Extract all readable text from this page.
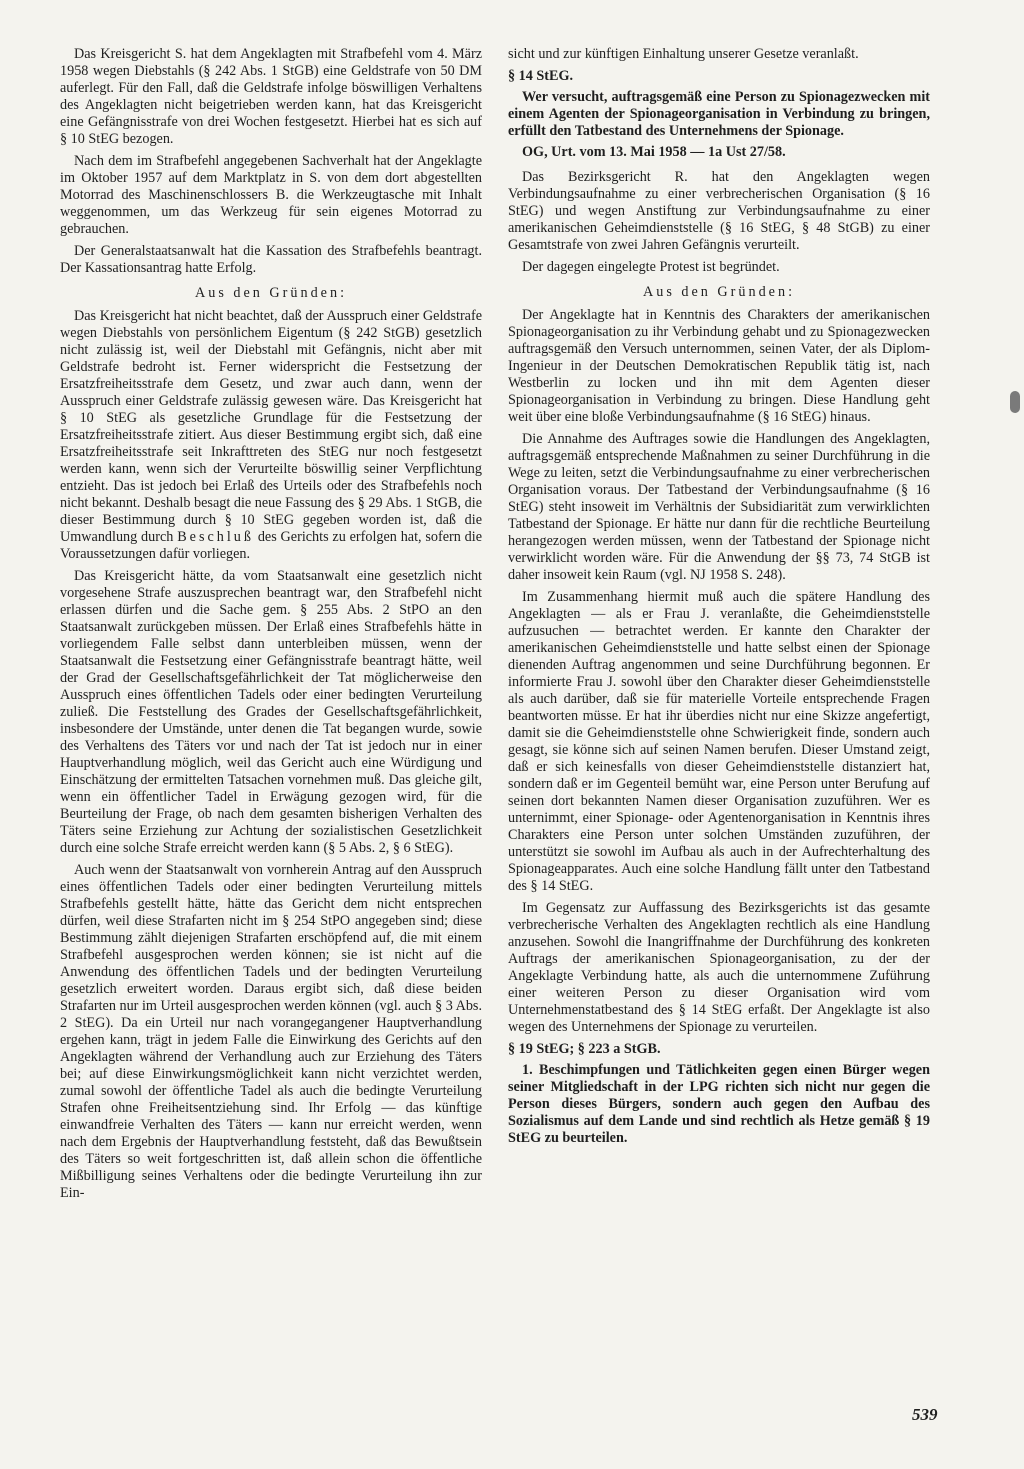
Das Kreisgericht S. hat dem Angeklagten mit Strafbefehl vom 4. März 1958 wegen Diebstahls (§ 242 Abs. 1 StGB) eine Geldstrafe von 50 DM auferlegt. Für den Fall, daß die Geldstrafe infolge böswilligen Verhaltens des Angeklagten nicht beigetrieben werden kann, hat das Kreisgericht eine Gefängnisstrafe von drei Wochen festgesetzt. Hierbei hat es sich auf § 10 StEG bezogen.

Nach dem im Strafbefehl angegebenen Sachverhalt hat der Angeklagte im Oktober 1957 auf dem Marktplatz in S. von dem dort abgestellten Motorrad des Maschinenschlossers B. die Werkzeugtasche mit Inhalt weggenommen, um das Werkzeug für sein eigenes Motorrad zu gebrauchen.

Der Generalstaatsanwalt hat die Kassation des Strafbefehls beantragt. Der Kassationsantrag hatte Erfolg.

Aus den Gründen:

Das Kreisgericht hat nicht beachtet, daß der Ausspruch einer Geldstrafe wegen Diebstahls von persönlichem Eigentum (§ 242 StGB) gesetzlich nicht zulässig ist, weil der Diebstahl mit Gefängnis, nicht aber mit Geldstrafe bedroht ist. Ferner widerspricht die Festsetzung der Ersatzfreiheitsstrafe dem Gesetz, und zwar auch dann, wenn der Ausspruch einer Geldstrafe zulässig gewesen wäre. Das Kreisgericht hat § 10 StEG als gesetzliche Grundlage für die Festsetzung der Ersatzfreiheitsstrafe zitiert. Aus dieser Bestimmung ergibt sich, daß eine Ersatzfreiheitsstrafe seit Inkrafttreten des StEG nur noch festgesetzt werden kann, wenn sich der Verurteilte böswillig seiner Verpflichtung entzieht. Das ist jedoch bei Erlaß des Urteils oder des Strafbefehls noch nicht bekannt. Deshalb besagt die neue Fassung des § 29 Abs. 1 StGB, die dieser Bestimmung durch § 10 StEG gegeben worden ist, daß die Umwandlung durch Beschluß des Gerichts zu erfolgen hat, sofern die Voraussetzungen dafür vorliegen.

Das Kreisgericht hätte, da vom Staatsanwalt eine gesetzlich nicht vorgesehene Strafe auszusprechen beantragt war, den Strafbefehl nicht erlassen dürfen und die Sache gem. § 255 Abs. 2 StPO an den Staatsanwalt zurückgeben müssen. Der Erlaß eines Strafbefehls hätte in vorliegendem Falle selbst dann unterbleiben müssen, wenn der Staatsanwalt die Festsetzung einer Gefängnisstrafe beantragt hätte, weil der Grad der Gesellschaftsgefährlichkeit der Tat möglicherweise den Ausspruch eines öffentlichen Tadels oder einer bedingten Verurteilung zuließ. Die Feststellung des Grades der Gesellschaftsgefährlichkeit, insbesondere der Umstände, unter denen die Tat begangen wurde, sowie des Verhaltens des Täters vor und nach der Tat ist jedoch nur in einer Hauptverhandlung möglich, weil das Gericht auch eine Würdigung und Einschätzung der ermittelten Tatsachen vornehmen muß. Das gleiche gilt, wenn ein öffentlicher Tadel in Erwägung gezogen wird, für die Beurteilung der Frage, ob nach dem gesamten bisherigen Verhalten des Täters seine Erziehung zur Achtung der sozialistischen Gesetzlichkeit durch eine solche Strafe erreicht werden kann (§ 5 Abs. 2, § 6 StEG).

Auch wenn der Staatsanwalt von vornherein Antrag auf den Ausspruch eines öffentlichen Tadels oder einer bedingten Verurteilung mittels Strafbefehls gestellt hätte, hätte das Gericht dem nicht entsprechen dürfen, weil diese Strafarten nicht im § 254 StPO angegeben sind; diese Bestimmung zählt diejenigen Strafarten erschöpfend auf, die mit einem Strafbefehl ausgesprochen werden können; sie ist nicht auf die Anwendung des öffentlichen Tadels und der bedingten Verurteilung gesetzlich erweitert worden. Daraus ergibt sich, daß diese beiden Strafarten nur im Urteil ausgesprochen werden können (vgl. auch § 3 Abs. 2 StEG). Da ein Urteil nur nach vorangegangener Hauptverhandlung ergehen kann, trägt in jedem Falle die Einwirkung des Gerichts auf den Angeklagten während der Verhandlung auch zur Erziehung des Täters bei; auf diese Einwirkungsmöglichkeit kann nicht verzichtet werden, zumal sowohl der öffentliche Tadel als auch die bedingte Verurteilung Strafen ohne Freiheitsentziehung sind. Ihr Erfolg — das künftige einwandfreie Verhalten des Täters — kann nur erreicht werden, wenn nach dem Ergebnis der Hauptverhandlung feststeht, daß das Bewußtsein des Täters so weit fortgeschritten ist, daß allein schon die öffentliche Mißbilligung seines Verhaltens oder die bedingte Verurteilung ihn zur Ein-

sicht und zur künftigen Einhaltung unserer Gesetze veranlaßt.

§ 14 StEG.

Wer versucht, auftragsgemäß eine Person zu Spionagezwecken mit einem Agenten der Spionageorganisation in Verbindung zu bringen, erfüllt den Tatbestand des Unternehmens der Spionage.

OG, Urt. vom 13. Mai 1958 — 1a Ust 27/58.

Das Bezirksgericht R. hat den Angeklagten wegen Verbindungsaufnahme zu einer verbrecherischen Organisation (§ 16 StEG) und wegen Anstiftung zur Verbindungsaufnahme zu einer amerikanischen Geheimdienststelle (§ 16 StEG, § 48 StGB) zu einer Gesamtstrafe von zwei Jahren Gefängnis verurteilt.

Der dagegen eingelegte Protest ist begründet.

Aus den Gründen:

Der Angeklagte hat in Kenntnis des Charakters der amerikanischen Spionageorganisation zu ihr Verbindung gehabt und zu Spionagezwecken auftragsgemäß den Versuch unternommen, seinen Vater, der als Diplom-Ingenieur in der Deutschen Demokratischen Republik tätig ist, nach Westberlin zu locken und ihn mit dem Agenten dieser Spionageorganisation in Verbindung zu bringen. Diese Handlung geht weit über eine bloße Verbindungsaufnahme (§ 16 StEG) hinaus.

Die Annahme des Auftrages sowie die Handlungen des Angeklagten, auftragsgemäß entsprechende Maßnahmen zu seiner Durchführung in die Wege zu leiten, setzt die Verbindungsaufnahme zu einer verbrecherischen Organisation voraus. Der Tatbestand der Verbindungsaufnahme (§ 16 StEG) steht insoweit im Verhältnis der Subsidiarität zum verwirklichten Tatbestand der Spionage. Er hätte nur dann für die rechtliche Beurteilung herangezogen werden müssen, wenn der Tatbestand der Spionage nicht verwirklicht worden wäre. Für die Anwendung der §§ 73, 74 StGB ist daher insoweit kein Raum (vgl. NJ 1958 S. 248).

Im Zusammenhang hiermit muß auch die spätere Handlung des Angeklagten — als er Frau J. veranlaßte, die Geheimdienststelle aufzusuchen — betrachtet werden. Er kannte den Charakter der amerikanischen Geheimdienststelle und hatte selbst einen der Spionage dienenden Auftrag angenommen und seine Durchführung begonnen. Er informierte Frau J. sowohl über den Charakter dieser Geheimdienststelle als auch darüber, daß sie für materielle Vorteile entsprechende Fragen beantworten müsse. Er hat ihr überdies nicht nur eine Skizze angefertigt, damit sie die Geheimdienststelle ohne Schwierigkeit finde, sondern auch gesagt, sie könne sich auf seinen Namen berufen. Dieser Umstand zeigt, daß er sich keinesfalls von dieser Geheimdienststelle distanziert hat, sondern daß er im Gegenteil bemüht war, eine Person unter Berufung auf seinen dort bekannten Namen dieser Organisation zuzuführen. Wer es unternimmt, einer Spionage- oder Agentenorganisation in Kenntnis ihres Charakters eine Person unter solchen Umständen zuzuführen, der unterstützt sie sowohl im Aufbau als auch in der Aufrechterhaltung des Spionageapparates. Auch eine solche Handlung fällt unter den Tatbestand des § 14 StEG.

Im Gegensatz zur Auffassung des Bezirksgerichts ist das gesamte verbrecherische Verhalten des Angeklagten rechtlich als eine Handlung anzusehen. Sowohl die Inangriffnahme der Durchführung des konkreten Auftrags der amerikanischen Spionageorganisation, zu der der Angeklagte Verbindung hatte, als auch die unternommene Zuführung einer weiteren Person zu dieser Organisation wird vom Unternehmenstatbestand des § 14 StEG erfaßt. Der Angeklagte ist also wegen des Unternehmens der Spionage zu verurteilen.

§ 19 StEG; § 223 a StGB.

1. Beschimpfungen und Tätlichkeiten gegen einen Bürger wegen seiner Mitgliedschaft in der LPG richten sich nicht nur gegen die Person dieses Bürgers, sondern auch gegen den Aufbau des Sozialismus auf dem Lande und sind rechtlich als Hetze gemäß § 19 StEG zu beurteilen.

539
